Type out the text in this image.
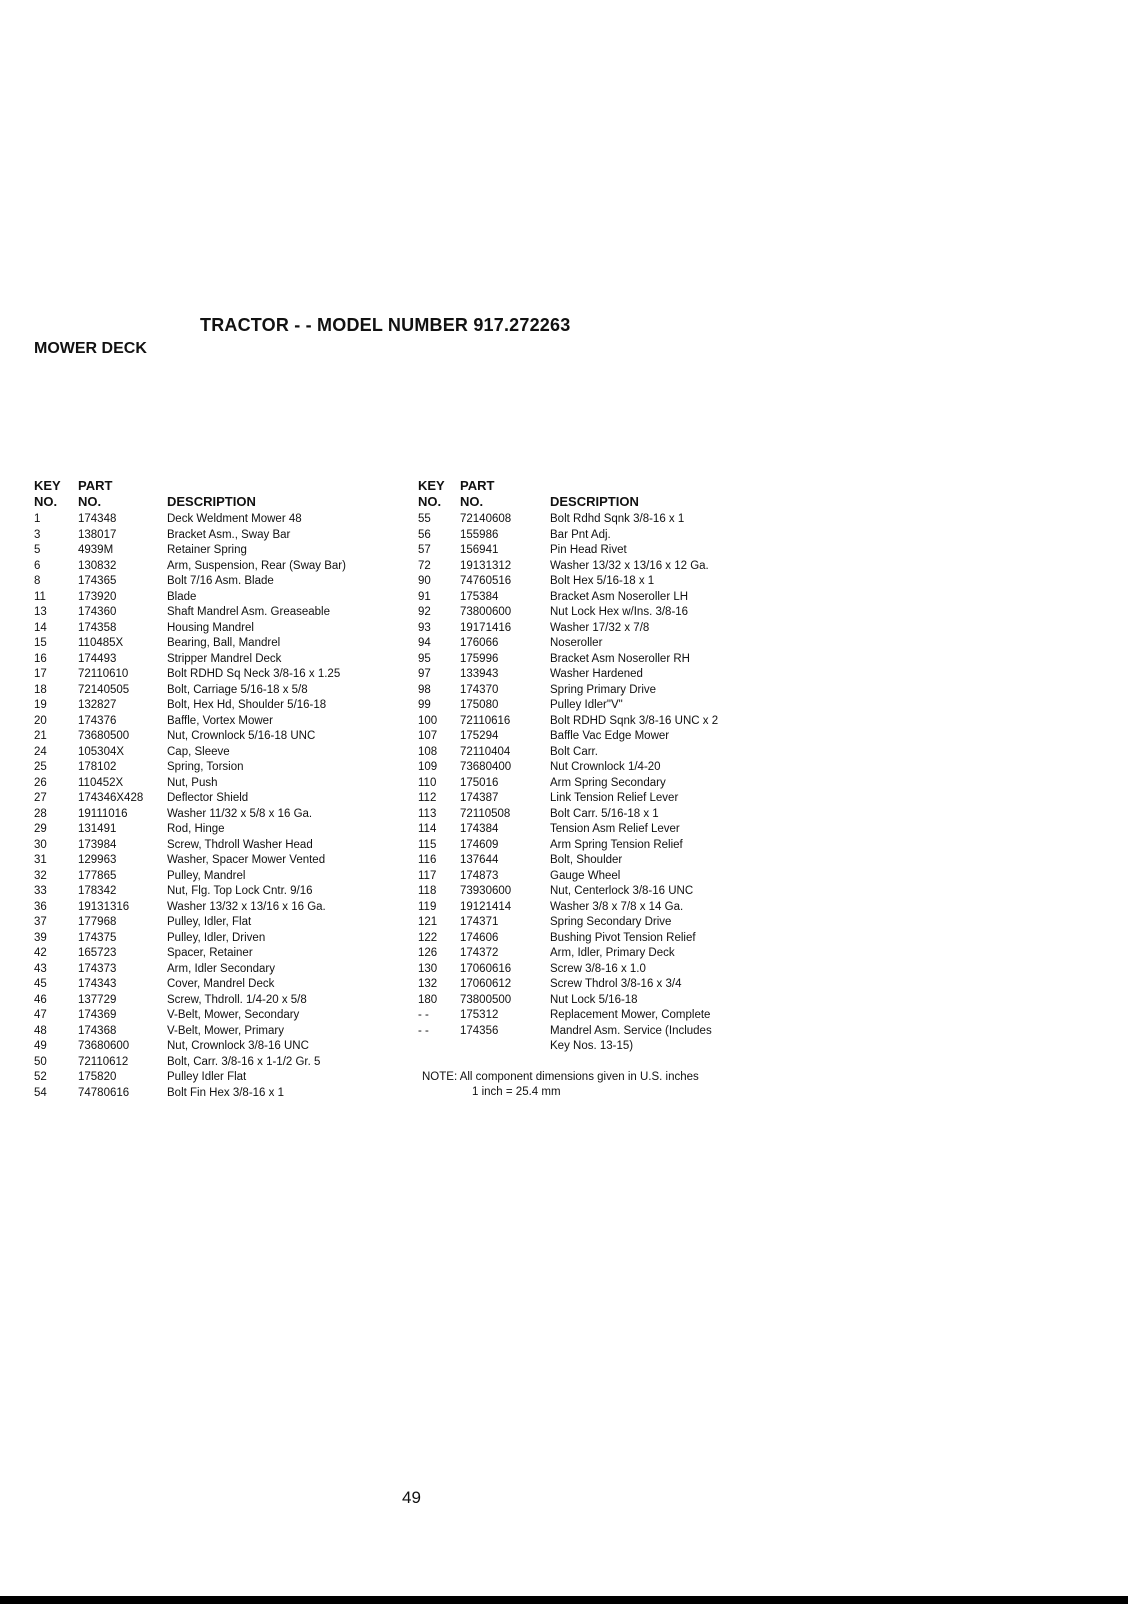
TRACTOR - - MODEL NUMBER 917.272263
MOWER DECK
KEY
NO.
PART
NO.	DESCRIPTION
1	174348	Deck Weldment Mower 48
3	138017	Bracket Asm., Sway Bar
5	4939M	Retainer Spring
6	130832	Arm, Suspension, Rear (Sway Bar)
8	174365	Bolt 7/16 Asm. Blade
11	173920	Blade
13	174360	Shaft Mandrel Asm. Greaseable
14	174358	Housing Mandrel
15	110485X	Bearing, Ball, Mandrel
16	174493	Stripper Mandrel Deck
17	72110610	Bolt RDHD Sq Neck 3/8-16 x 1.25
18	72140505	Bolt, Carriage 5/16-18 x 5/8
19	132827	Bolt, Hex Hd, Shoulder 5/16-18
20	174376	Baffle, Vortex Mower
21	73680500	Nut, Crownlock 5/16-18 UNC
24	105304X	Cap, Sleeve
25	178102	Spring, Torsion
26	110452X	Nut, Push
27	174346X428 Deflector Shield
28	19111016	Washer 11/32 x 5/8 x 16 Ga.
29	131491	Rod, Hinge
30	173984	Screw, Thdroll Washer Head
31	129963	Washer, Spacer Mower Vented
32	177865	Pulley, Mandrel
33	178342	Nut, Flg. Top Lock Cntr. 9/16
36	19131316	Washer 13/32 x 13/16 x 16 Ga.
37	177968	Pulley, Idler, Flat
39	174375	Pulley, Idler, Driven
42	165723	Spacer, Retainer
43	174373	Arm, Idler Secondary
45	174343	Cover, Mandrel Deck
46	137729	Screw, Thdroll. 1/4-20 x 5/8
47	174369	V-Belt, Mower, Secondary
48	174368	V-Belt, Mower, Primary
49	73680600	Nut, Crownlock 3/8-16 UNC
50	72110612	Bolt, Carr. 3/8-16 x 1-1/2 Gr. 5
52	175820	Pulley Idler Flat
54	74780616	Bolt Fin Hex 3/8-16 x 1
KEY
NO.
PART
NO.	DESCRIPTION
55	72140608	Bolt Rdhd Sqnk 3/8-16 x 1
56	155986	Bar Pnt Adj.
57	156941	Pin Head Rivet
72	19131312	Washer 13/32 x 13/16 x 12 Ga.
90	74760516	Bolt Hex 5/16-18 x 1
91	175384	Bracket Asm Noseroller LH
92	73800600	Nut Lock Hex w/Ins. 3/8-16
93	19171416	Washer 17/32 x 7/8
94	176066	Noseroller
95	175996	Bracket Asm Noseroller RH
97	133943	Washer Hardened
98	174370	Spring Primary Drive
99	175080	Pulley Idler"V"
100 72110616	Bolt RDHD Sqnk 3/8-16 UNC x 2
107 175294	Baffle Vac Edge Mower
108 72110404	Bolt Carr.
109 73680400	Nut Crownlock 1/4-20
110 175016	Arm Spring Secondary
112 174387	Link Tension Relief Lever
113 72110508	Bolt Carr. 5/16-18 x 1
114 174384	Tension Asm Relief Lever
115 174609	Arm Spring Tension Relief
116 137644	Bolt, Shoulder
117 174873	Gauge Wheel
118 73930600	Nut, Centerlock 3/8-16 UNC
119 19121414	Washer 3/8 x 7/8 x 14 Ga.
121 174371	Spring Secondary Drive
122 174606	Bushing Pivot Tension Relief
126 174372	Arm, Idler, Primary Deck
130 17060616	Screw 3/8-16 x 1.0
132 17060612	Screw Thdrol 3/8-16 x 3/4
180 73800500	Nut Lock 5/16-18
- -	175312	Replacement Mower, Complete
- -	174356	Mandrel Asm. Service (Includes
Key Nos. 13-15)
NOTE: All component dimensions given in U.S. inches
1 inch = 25.4 mm
49
